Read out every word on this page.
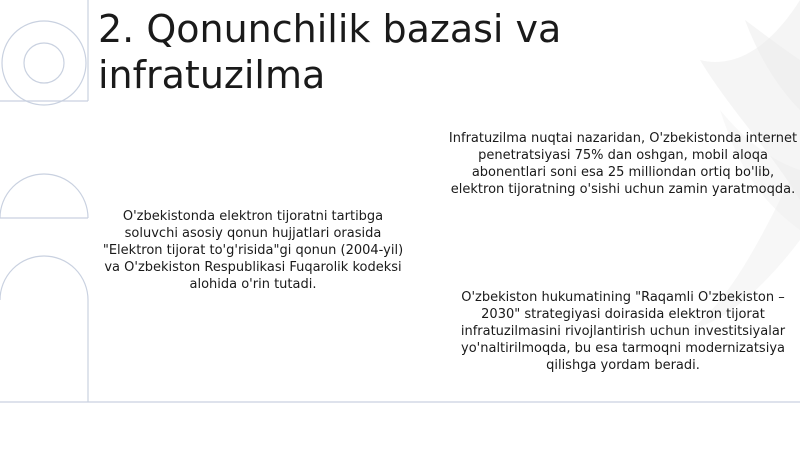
2. Qonunchilik bazasi va infratuzilma

O'zbekistonda elektron tijoratni tartibga soluvchi asosiy qonun hujjatlari orasida "Elektron tijorat to'g'risida"gi qonun (2004-yil) va O'zbekiston Respublikasi Fuqarolik kodeksi alohida o'rin tutadi.

Infratuzilma nuqtai nazaridan, O'zbekistonda internet penetratsiyasi 75% dan oshgan, mobil aloqa abonentlari soni esa 25 milliondan ortiq bo'lib, elektron tijoratning o'sishi uchun zamin yaratmoqda.

O'zbekiston hukumatining "Raqamli O'zbekiston – 2030" strategiyasi doirasida elektron tijorat infratuzilmasini rivojlantirish uchun investitsiyalar yo'naltirilmoqda, bu esa tarmoqni modernizatsiya qilishga yordam beradi.
